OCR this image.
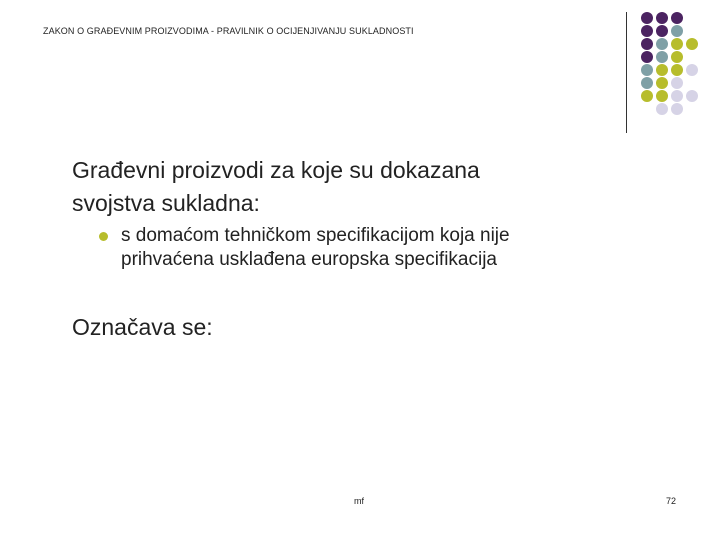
ZAKON O GRAĐEVNIM PROIZVODIMA - PRAVILNIK O OCIJENJIVANJU SUKLADNOSTI
Građevni proizvodi za koje su dokazana
svojstva sukladna:
s domaćom tehničkom specifikacijom koja nije
prihvaćena usklađena europska specifikacija
Označava se:
mf	72
